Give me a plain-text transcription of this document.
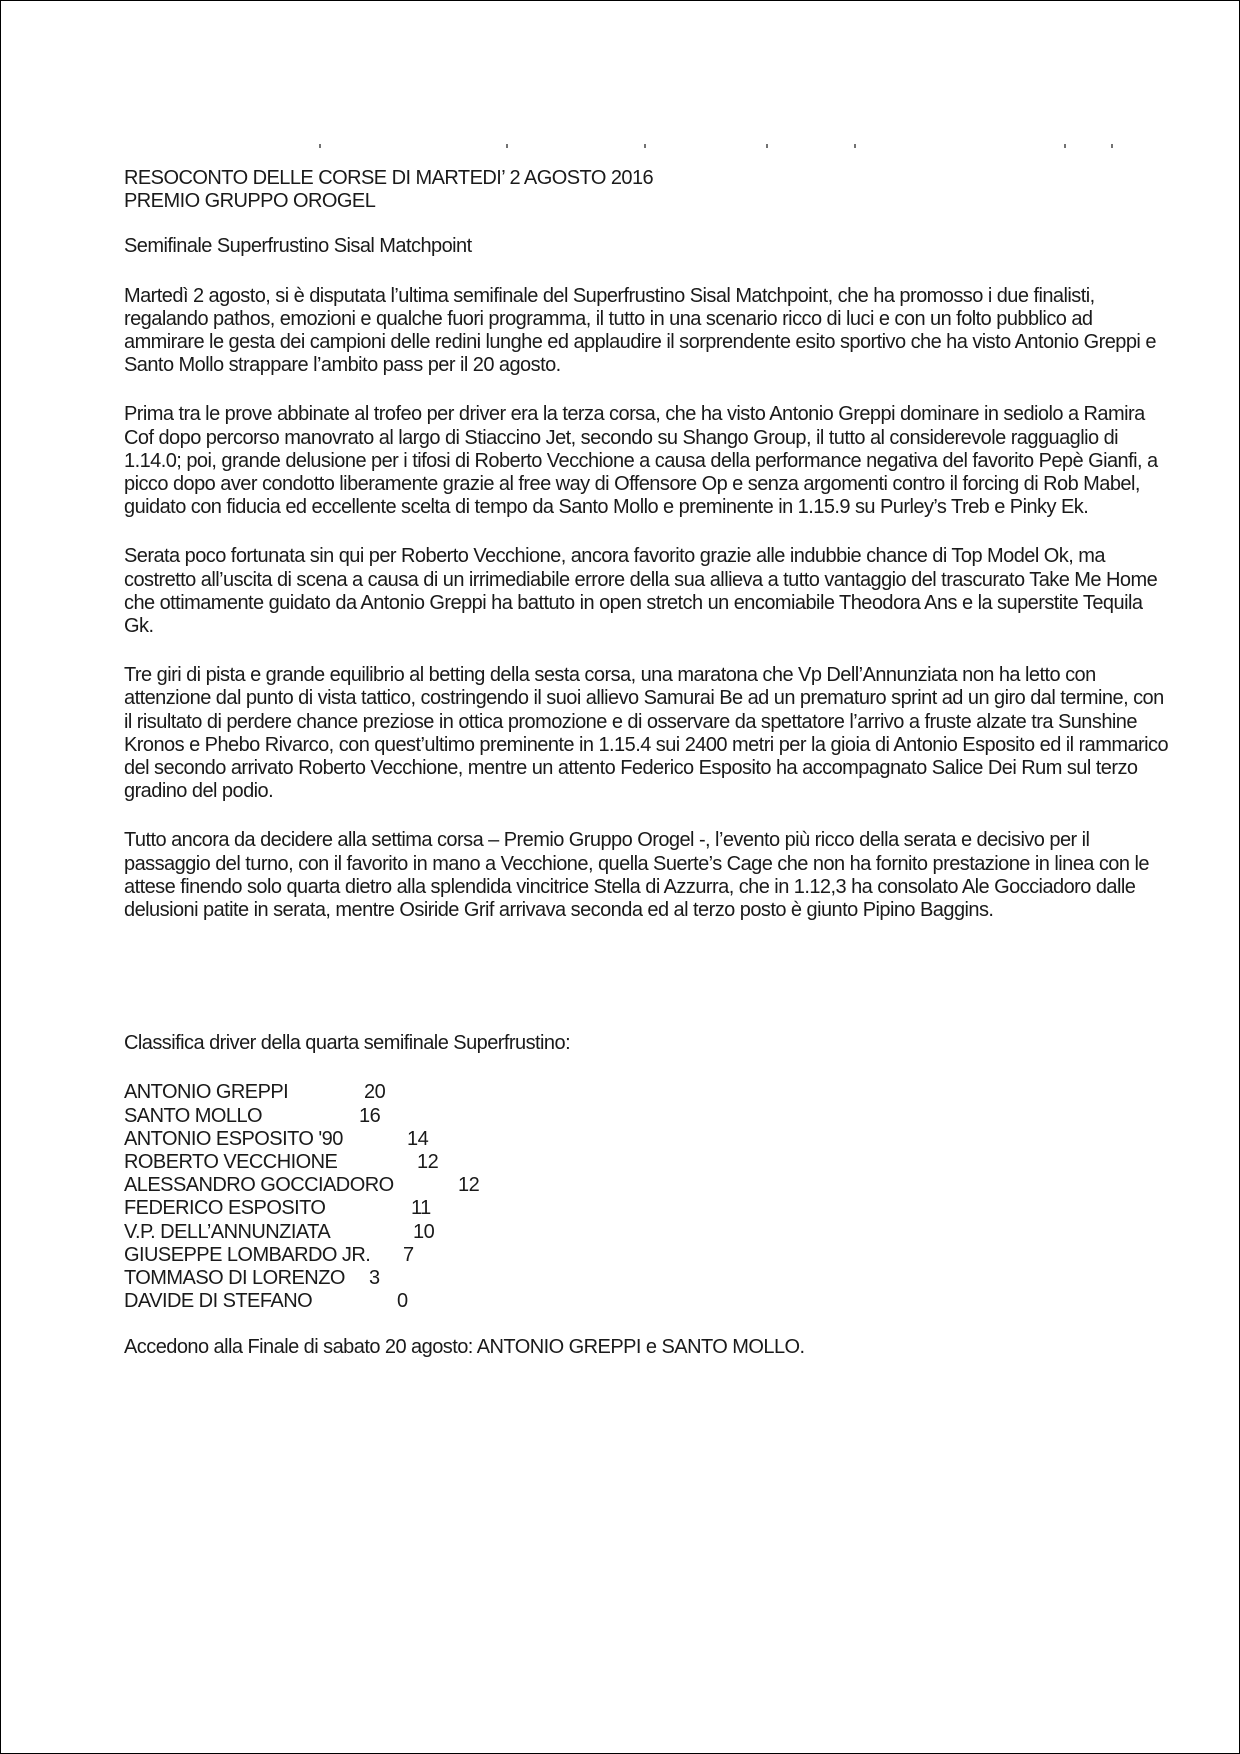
RESOCONTO DELLE CORSE DI MARTEDI’ 2 AGOSTO 2016
PREMIO GRUPPO OROGEL

Semifinale Superfrustino Sisal Matchpoint

Martedì 2 agosto, si è disputata l’ultima semifinale del Superfrustino Sisal Matchpoint, che ha promosso i due finalisti, regalando pathos, emozioni e qualche fuori programma, il tutto in una scenario ricco di luci e con un folto pubblico ad ammirare le gesta dei campioni delle redini lunghe ed applaudire il sorprendente esito sportivo che ha visto Antonio Greppi e Santo Mollo strappare l’ambito pass per il 20 agosto.

Prima tra le prove abbinate al trofeo per driver era la terza corsa, che ha visto Antonio Greppi dominare in sediolo a Ramira Cof dopo percorso manovrato al largo di Stiaccino Jet, secondo su Shango Group, il tutto al considerevole ragguaglio di 1.14.0; poi, grande delusione per i tifosi di Roberto Vecchione a causa della performance negativa del favorito Pepè Gianfi, a picco dopo aver condotto liberamente grazie al free way di Offensore Op e senza argomenti contro il forcing di Rob Mabel, guidato con fiducia ed eccellente scelta di tempo da Santo Mollo e preminente in 1.15.9 su Purley’s Treb e Pinky Ek.

Serata poco fortunata sin qui per Roberto Vecchione, ancora favorito grazie alle indubbie chance di Top Model Ok, ma costretto all’uscita di scena a causa di un irrimediabile errore della sua allieva a tutto vantaggio del trascurato Take Me Home che ottimamente guidato da Antonio Greppi ha battuto in open stretch un encomiabile Theodora Ans e la superstite Tequila Gk.

Tre giri di pista e grande equilibrio al betting della sesta corsa, una maratona che Vp Dell’Annunziata non ha letto con attenzione dal punto di vista tattico, costringendo il suoi allievo Samurai Be ad un prematuro sprint ad un giro dal termine, con il risultato di perdere chance preziose in ottica promozione e di osservare da spettatore l’arrivo a fruste alzate tra Sunshine Kronos e Phebo Rivarco, con quest’ultimo preminente in 1.15.4 sui 2400 metri per la gioia di Antonio Esposito ed il rammarico del secondo arrivato Roberto Vecchione, mentre un attento Federico Esposito ha accompagnato Salice Dei Rum sul terzo gradino del podio.

Tutto ancora da decidere alla settima corsa – Premio Gruppo Orogel -, l’evento più ricco della serata e decisivo per il passaggio del turno, con il favorito in mano a Vecchione, quella Suerte’s Cage che non ha fornito prestazione in linea con le attese finendo solo quarta dietro alla splendida vincitrice Stella di Azzurra, che in 1.12,3 ha consolato Ale Gocciadoro dalle delusioni patite in serata, mentre Osiride Grif arrivava seconda ed al terzo posto è giunto Pipino Baggins.

Classifica driver della quarta semifinale Superfrustino:

ANTONIO GREPPI	20
SANTO MOLLO	16
ANTONIO ESPOSITO '90	14
ROBERTO VECCHIONE	12
ALESSANDRO GOCCIADORO	12
FEDERICO ESPOSITO	11
V.P. DELL’ANNUNZIATA	10
GIUSEPPE LOMBARDO JR. 7
TOMMASO DI LORENZO 3
DAVIDE DI STEFANO	0

Accedono alla Finale di sabato 20 agosto: ANTONIO GREPPI e SANTO MOLLO.
